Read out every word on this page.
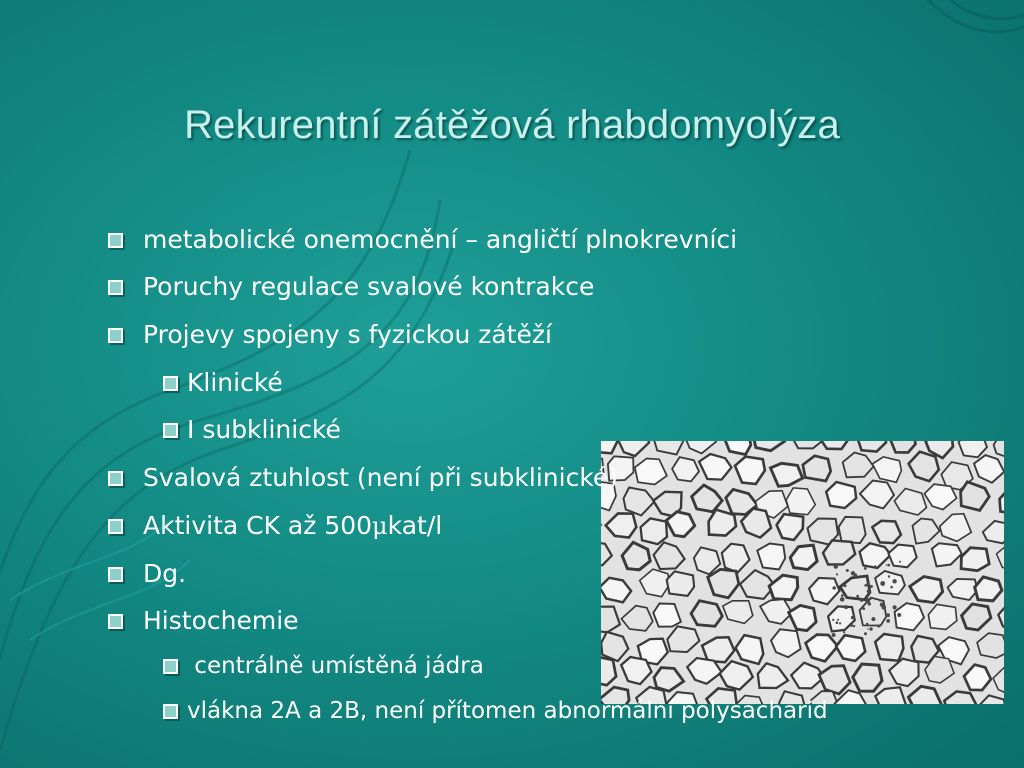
Rekurentní zátěžová rhabdomyolýza
metabolické onemocnění – angličtí plnokrevníci
Poruchy regulace svalové kontrakce
Projevy spojeny s fyzickou zátěží
Klinické
I subklinické
Svalová ztuhlost (není při subklinické)
Aktivita CK až 500μkat/l
Dg.
Histochemie
centrálně umístěná jádra
vlákna 2A a 2B, není přítomen abnormální polysacharid
